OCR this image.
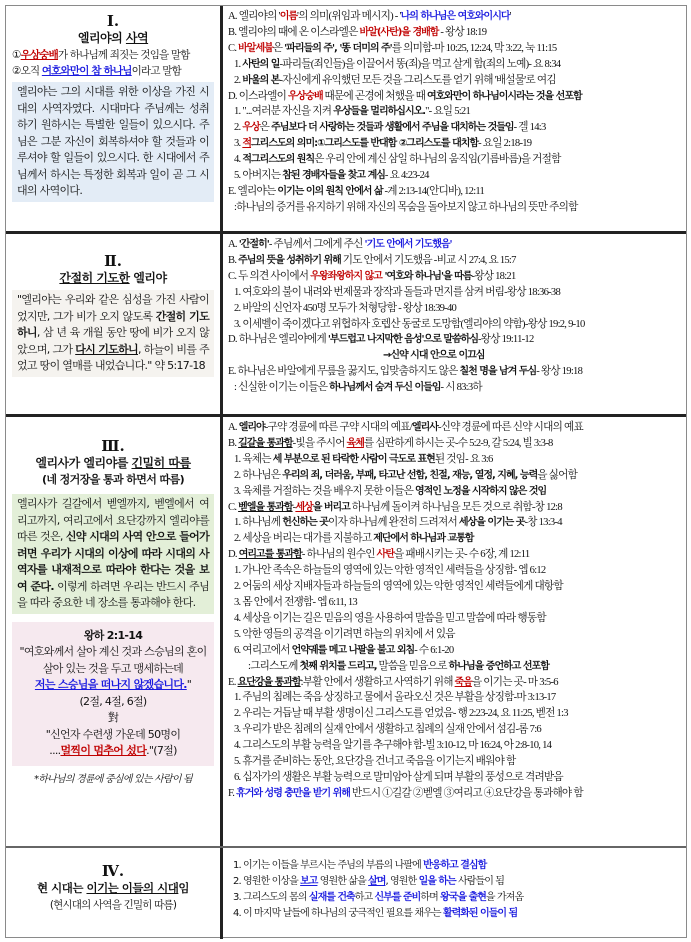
I.
엘리야의 사역
①우상숭배가 하나님께 죄짓는 것임을 말함
②오직 여호와만이 참 하나님이라고 말함
엘리야는 그의 시대를 위한 이상을 가진 시대의 사역자였다. 시대마다 주님께는 성취하기 원하시는 특별한 일들이 있으시다. 주님은 그분 자신이 회복하셔야 할 것들과 이루셔야 할 일들이 있으시다. 한 시대에서 주님께서 하시는 특정한 회복과 일이 곧 그 시대의 사역이다.
A. 엘리야의 '이름'의 의미(위임과 메시지) - '나의 하나님은 여호와이시다'
B. 엘리야의 때에 온 이스라엘은 바알(사탄)을 경배함 - 왕상 18:19
C. 바알세붑은 '파리들의 주', '똥 더미의 주'를 의미함-마 10:25, 12:24, 막 3:22, 눅 11:15
1. 사탄의 일-파리들(죄인들)을 이끌어서 똥(죄)을 먹고 살게 함(죄의 노예)- 요 8:34
2. 바울의 본-자신에게 유익했던 모든 것을 그리스도를 얻기 위해 '배설물'로 여김
D. 이스라엘이 우상숭배 때문에 곤경에 처했을 때 여호와만이 하나님이시라는 것을 선포함
1. "...여러분 자신을 지켜 우상들을 멀리하십시오."- 요일 5:21
2. 우상은 주님보다 더 사랑하는 것들과 생활에서 주님을 대치하는 것들임- 겔 14:3
3. 적그리스도의 의미:①그리스도를 반대함 ②그리스도를 대치함- 요일 2:18-19
4. 적그리스도의 원칙은 우리 안에 계신 삼일 하나님의 움직임(기름바름)을 거절함
5. 아버지는 참된 경배자들을 찾고 계심- 요 4:23-24
E. 엘리야는 이기는 이의 원칙 안에서 삶 -계 2:13-14(안디바), 12:11
:하나님의 증거를 유지하기 위해 자신의 목숨을 돌아보지 않고 하나님의 뜻만 주의함
Ⅱ.
간절히 기도한 엘리야
"엘리야는 우리와 같은 심성을 가진 사람이었지만, 그가 비가 오지 않도록 간절히 기도하니, 삼 년 육 개월 동안 땅에 비가 오지 않았으며, 그가 다시 기도하니, 하늘이 비를 주었고 땅이 열매를 내었습니다." 약 5:17-18
A. '간절히'- 주님께서 그에게 주신 '기도 안에서 기도했음'
B. 주님의 뜻을 성취하기 위해 기도 안에서 기도했음 -비교 시 27:4, 요 15:7
C. 두 의견 사이에서 우왕좌왕하지 않고 '여호와 하나님'을 따름-왕상 18:21
1. 여호와의 불이 내려와 번제물과 장작과 돌들과 먼지를 삼켜 버림-왕상 18:36-38
2. 바알의 신언자 450명 모두가 처형당함 - 왕상 18:39-40
3. 이세벨이 죽이겠다고 위협하자 호렙산 동굴로 도망함(엘리야의 약함)-왕상 19:2, 9-10
D. 하나님은 엘리야에게 '부드럽고 나지막한 음성'으로 말씀하심-왕상 19:11-12
→신약 시대 안으로 이끄심
E. 하나님은 바알에게 무릎을 꿇지도, 입맞춤하지도 않은 칠천 명을 남겨 두심- 왕상 19:18
: 신실한 이기는 이들은 하나님께서 숨겨 두신 이들임- 시 83:3하
Ⅲ.
엘리사가 엘리야를 긴밀히 따름
(네 정거장을 통과 하면서 따름)
엘리사가 길갈에서 벧엘까지, 벧엘에서 여리고까지, 여리고에서 요단강까지 엘리야를 따른 것은, 신약 시대의 사역 안으로 들어가려면 우리가 시대의 이상에 따라 시대의 사역자를 내재적으로 따라야 한다는 것을 보여 준다. 이렇게 하려면 우리는 반드시 주님을 따라 중요한 네 장소를 통과해야 한다.
왕하 2:1-14
"여호와께서 살아 계신 것과 스승님의 혼이 살아 있는 것을 두고 맹세하는데
저는 스승님을 떠나지 않겠습니다."
(2절, 4절, 6절)
對
"신언자 수련생 가운데 50명이
....멀찍이 멈추어 섰다."(7절)
*하나님의 경륜에 중심에 있는 사람이 됨
A. 엘리야-구약 경륜에 따른 구약 시대의 예표/엘리사-신약 경륜에 따른 신약 시대의 예표
B. 길갈을 통과함-빛을 주시어 육체를 심판하게 하시는 곳-수 5:2-9, 갈 5:24, 빌 3:3-8
1. 육체는 세 부분으로 된 타락한 사람이 극도로 표현된 것임- 요 3:6
2. 하나님은 우리의 죄, 더러움, 부패, 타고난 선함, 친절, 재능, 열정, 지혜, 능력을 싫어함
3. 육체를 거절하는 것을 배우지 못한 이들은 영적인 노정을 시작하지 않은 것임
C. 벧엘을 통과함-세상을 버리고 하나님께 돌이켜 하나님을 모든 것으로 취함-창 12:8
1. 하나님께 헌신하는 곳이자 하나님께 완전히 드려져서 세상을 이기는 곳-창 13:3-4
2. 세상을 버리는 대가를 지불하고 제단에서 하나님과 교통함
D. 여리고를 통과함- 하나님의 원수인 사탄을 패배시키는 곳- 수 6장, 계 12:11
1. 가나안 족속은 하늘들의 영역에 있는 악한 영적인 세력들을 상징함- 엡 6:12
2. 어둠의 세상 지배자들과 하늘들의 영역에 있는 악한 영적인 세력들에게 대항함
3. 몸 안에서 전쟁함- 엡 6:11, 13
4. 세상을 이기는 길은 믿음의 영을 사용하여 말씀을 믿고 말씀에 따라 행동함
5. 악한 영들의 공격을 이기려면 하늘의 위치에 서 있음
6. 여리고에서 언약궤를 메고 나팔을 불고 외침- 수 6:1-20
:그리스도께 첫째 위치를 드리고, 말씀을 믿음으로 하나님을 증언하고 선포함
E. 요단강을 통과함:부활 안에서 생활하고 사역하기 위해 죽음을 이기는 곳- 마 3:5-6
1. 주님의 침례는 죽음 상징하고 물에서 올라오신 것은 부활을 상징함-마 3:13-17
2. 우리는 거듭날 때 부활 생명이신 그리스도를 얻었음- 행 2:23-24, 요 11:25, 벧전 1:3
3. 우리가 받은 침례의 실재 안에서 생활하고 침례의 실재 안에서 섬김-롬 7:6
4. 그리스도의 부활 능력을 알기를 추구해야 함-빌 3:10-12, 마 16:24, 아 2:8-10, 14
5. 휴거를 준비하는 동안, 요단강을 건너고 죽음을 이기는지 배워야 함
6. 십자가의 생활은 부활 능력으로 말미암아 살게 되며 부활의 풍성으로 격려받음
F. 휴거와 성령 충만을 받기 위해 반드시 ①길갈 ②벧엘 ③여리고 ④요단강을 통과해야 함
Ⅳ.
현 시대는 이기는 이들의 시대임
(현시대의 사역을 긴밀히 따름)
1. 이기는 이들을 부르시는 주님의 부름의 나팔에 반응하고 결심함
2. 영원한 이상을 보고 영원한 삶을 살며, 영원한 일을 하는 사람들이 됨
3. 그리스도의 몸의 실재를 건축하고 신부를 준비하며 왕국을 출현을 가져옴
4. 이 마지막 날들에 하나님의 궁극적인 필요를 채우는 활력화된 이들이 됨
